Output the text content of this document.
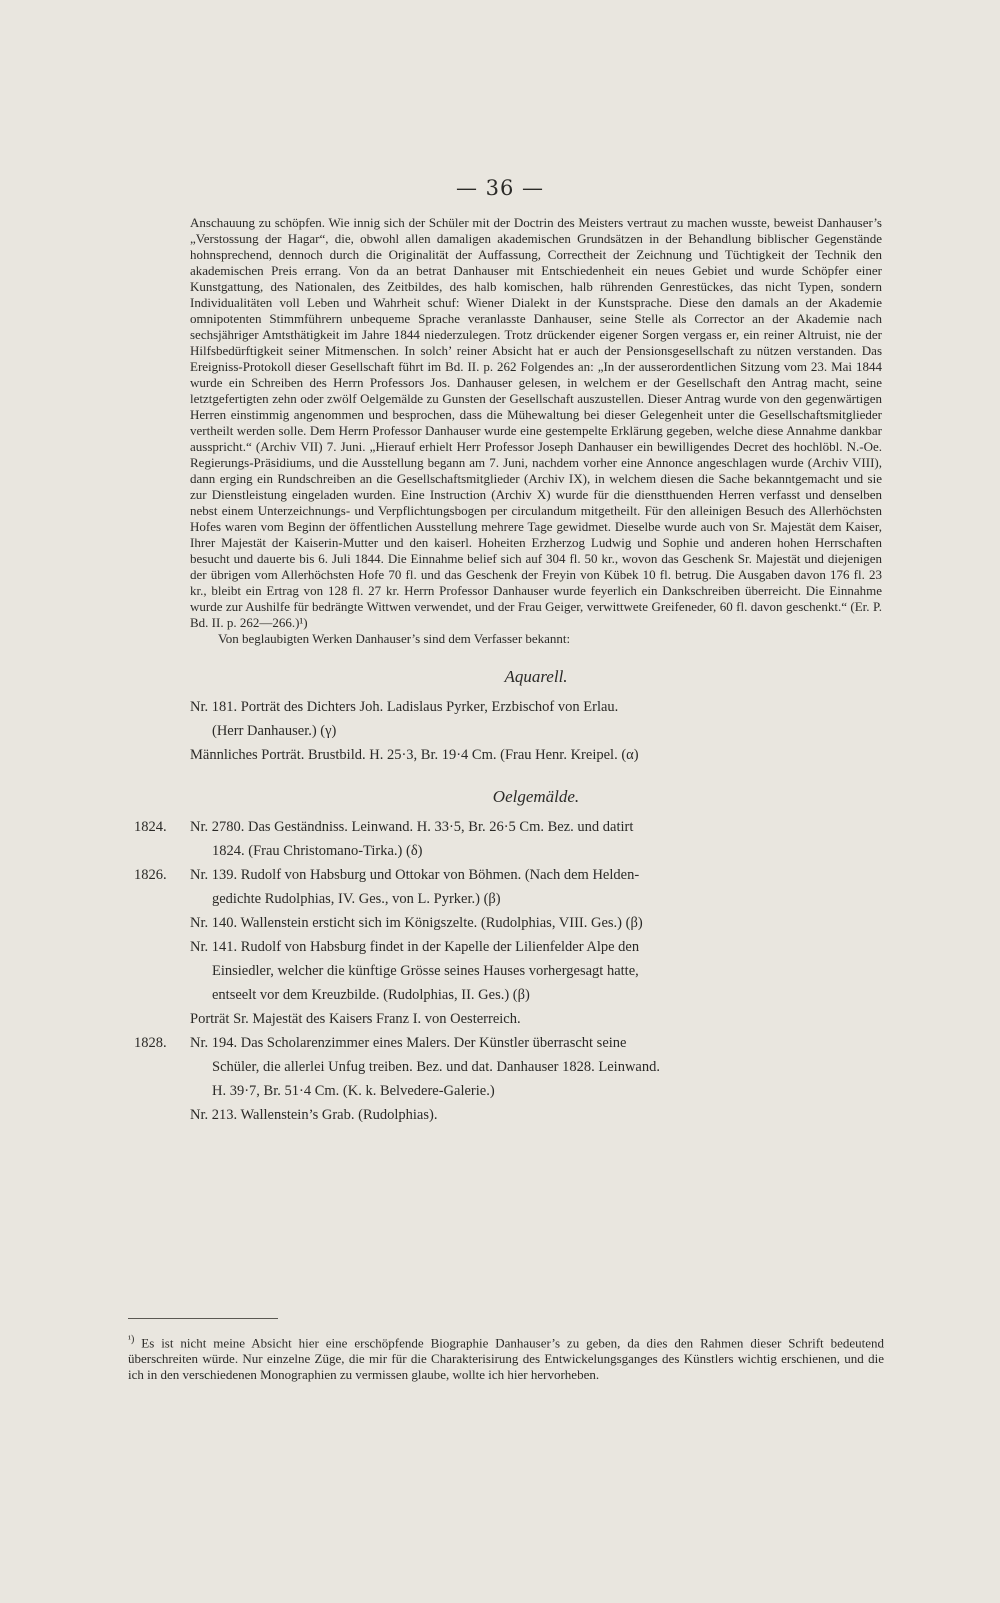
— 36 —

Anschauung zu schöpfen. Wie innig sich der Schüler mit der Doctrin des Meisters vertraut zu machen wusste, beweist Danhauser’s „Verstossung der Hagar“, die, obwohl allen damaligen akademischen Grundsätzen in der Behandlung biblischer Gegenstände hohnsprechend, dennoch durch die Originalität der Auffassung, Correctheit der Zeichnung und Tüchtigkeit der Technik den akademischen Preis errang. Von da an betrat Danhauser mit Entschiedenheit ein neues Gebiet und wurde Schöpfer einer Kunstgattung, des Nationalen, des Zeitbildes, des halb komischen, halb rührenden Genrestückes, das nicht Typen, sondern Individualitäten voll Leben und Wahrheit schuf: Wiener Dialekt in der Kunstsprache. Diese den damals an der Akademie omnipotenten Stimmführern unbequeme Sprache veranlasste Danhauser, seine Stelle als Corrector an der Akademie nach sechsjähriger Amtsthätigkeit im Jahre 1844 niederzulegen. Trotz drückender eigener Sorgen vergass er, ein reiner Altruist, nie der Hilfsbedürftigkeit seiner Mitmenschen. In solch’ reiner Absicht hat er auch der Pensionsgesellschaft zu nützen verstanden. Das Ereigniss-Protokoll dieser Gesellschaft führt im Bd. II. p. 262 Folgendes an: „In der ausserordentlichen Sitzung vom 23. Mai 1844 wurde ein Schreiben des Herrn Professors Jos. Danhauser gelesen, in welchem er der Gesellschaft den Antrag macht, seine letztgefertigten zehn oder zwölf Oelgemälde zu Gunsten der Gesellschaft auszustellen. Dieser Antrag wurde von den gegenwärtigen Herren einstimmig angenommen und besprochen, dass die Mühewaltung bei dieser Gelegenheit unter die Gesellschaftsmitglieder vertheilt werden solle. Dem Herrn Professor Danhauser wurde eine gestempelte Erklärung gegeben, welche diese Annahme dankbar ausspricht.“ (Archiv VII) 7. Juni. „Hierauf erhielt Herr Professor Joseph Danhauser ein bewilligendes Decret des hochlöbl. N.-Oe. Regierungs-Präsidiums, und die Ausstellung begann am 7. Juni, nachdem vorher eine Annonce angeschlagen wurde (Archiv VIII), dann erging ein Rundschreiben an die Gesellschaftsmitglieder (Archiv IX), in welchem diesen die Sache bekanntgemacht und sie zur Dienstleistung eingeladen wurden. Eine Instruction (Archiv X) wurde für die dienstthuenden Herren verfasst und denselben nebst einem Unterzeichnungs- und Verpflichtungsbogen per circulandum mitgetheilt. Für den alleinigen Besuch des Allerhöchsten Hofes waren vom Beginn der öffentlichen Ausstellung mehrere Tage gewidmet. Dieselbe wurde auch von Sr. Majestät dem Kaiser, Ihrer Majestät der Kaiserin-Mutter und den kaiserl. Hoheiten Erzherzog Ludwig und Sophie und anderen hohen Herrschaften besucht und dauerte bis 6. Juli 1844. Die Einnahme belief sich auf 304 fl. 50 kr., wovon das Geschenk Sr. Majestät und diejenigen der übrigen vom Allerhöchsten Hofe 70 fl. und das Geschenk der Freyin von Kübek 10 fl. betrug. Die Ausgaben davon 176 fl. 23 kr., bleibt ein Ertrag von 128 fl. 27 kr. Herrn Professor Danhauser wurde feyerlich ein Dankschreiben überreicht. Die Einnahme wurde zur Aushilfe für bedrängte Wittwen verwendet, und der Frau Geiger, verwittwete Greifeneder, 60 fl. davon geschenkt.“ (Er. P. Bd. II. p. 262—266.)¹)

Von beglaubigten Werken Danhauser’s sind dem Verfasser bekannt:

Aquarell.
Nr. 181. Porträt des Dichters Joh. Ladislaus Pyrker, Erzbischof von Erlau.
(Herr Danhauser.) (γ)
Männliches Porträt. Brustbild. H. 25·3, Br. 19·4 Cm. (Frau Henr. Kreipel. (α)
Oelgemälde.
1824.	Nr. 2780. Das Geständniss. Leinwand. H. 33·5, Br. 26·5 Cm. Bez. und datirt
1824. (Frau Christomano-Tirka.) (δ)
1826.	Nr. 139. Rudolf von Habsburg und Ottokar von Böhmen. (Nach dem Helden-
gedichte Rudolphias, IV. Ges., von L. Pyrker.) (β)
Nr. 140. Wallenstein ersticht sich im Königszelte. (Rudolphias, VIII. Ges.) (β)
Nr. 141. Rudolf von Habsburg findet in der Kapelle der Lilienfelder Alpe den
Einsiedler, welcher die künftige Grösse seines Hauses vorhergesagt hatte,
entseelt vor dem Kreuzbilde. (Rudolphias, II. Ges.) (β)
Porträt Sr. Majestät des Kaisers Franz I. von Oesterreich.
1828.	Nr. 194. Das Scholarenzimmer eines Malers. Der Künstler überrascht seine
Schüler, die allerlei Unfug treiben. Bez. und dat. Danhauser 1828. Leinwand.
H. 39·7, Br. 51·4 Cm. (K. k. Belvedere-Galerie.)
Nr. 213. Wallenstein’s Grab. (Rudolphias).
$^{^1)}$ Es ist nicht meine Absicht hier eine erschöpfende Biographie Danhauser’s zu geben, da dies den Rahmen dieser Schrift bedeutend überschreiten würde. Nur einzelne Züge, die mir für die Charakterisirung des Entwickelungsganges des Künstlers wichtig erschienen, und die ich in den verschiedenen Monographien zu vermissen glaube, wollte ich hier hervorheben.
